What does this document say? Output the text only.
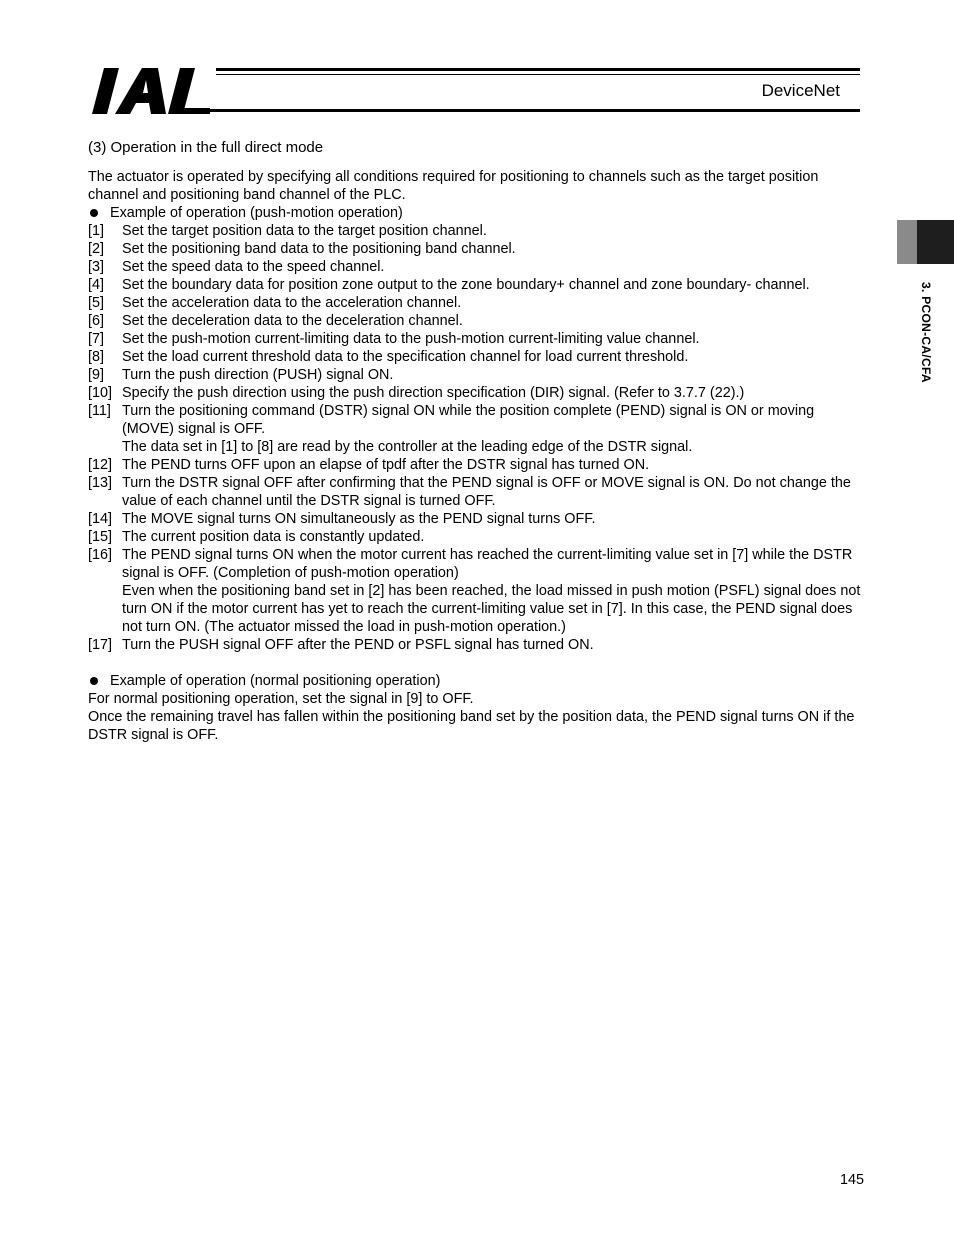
DeviceNet
3. PCON-CA/CFA

(3) Operation in the full direct mode

The actuator is operated by specifying all conditions required for positioning to channels such as the target position channel and positioning band channel of the PLC.

Example of operation (push-motion operation)

[1]	Set the target position data to the target position channel.
[2]	Set the positioning band data to the positioning band channel.
[3]	Set the speed data to the speed channel.
[4]	Set the boundary data for position zone output to the zone boundary+ channel and zone boundary- channel.
[5]	Set the acceleration data to the acceleration channel.
[6]	Set the deceleration data to the deceleration channel.
[7]	Set the push-motion current-limiting data to the push-motion current-limiting value channel.
[8]	Set the load current threshold data to the specification channel for load current threshold.
[9]	Turn the push direction (PUSH) signal ON.
[10] Specify the push direction using the push direction specification (DIR) signal. (Refer to 3.7.7 (22).)
[11] Turn the positioning command (DSTR) signal ON while the position complete (PEND) signal is ON or moving (MOVE) signal is OFF.
The data set in [1] to [8] are read by the controller at the leading edge of the DSTR signal.
[12] The PEND turns OFF upon an elapse of tpdf after the DSTR signal has turned ON.
[13] Turn the DSTR signal OFF after confirming that the PEND signal is OFF or MOVE signal is ON. Do not change the value of each channel until the DSTR signal is turned OFF.
[14] The MOVE signal turns ON simultaneously as the PEND signal turns OFF.
[15] The current position data is constantly updated.
[16] The PEND signal turns ON when the motor current has reached the current-limiting value set in [7] while the DSTR signal is OFF. (Completion of push-motion operation)
Even when the positioning band set in [2] has been reached, the load missed in push motion (PSFL) signal does not turn ON if the motor current has yet to reach the current-limiting value set in [7]. In this case, the PEND signal does not turn ON. (The actuator missed the load in push-motion operation.)
[17] Turn the PUSH signal OFF after the PEND or PSFL signal has turned ON.

Example of operation (normal positioning operation)

For normal positioning operation, set the signal in [9] to OFF.

Once the remaining travel has fallen within the positioning band set by the position data, the PEND signal turns ON if the DSTR signal is OFF.

145
